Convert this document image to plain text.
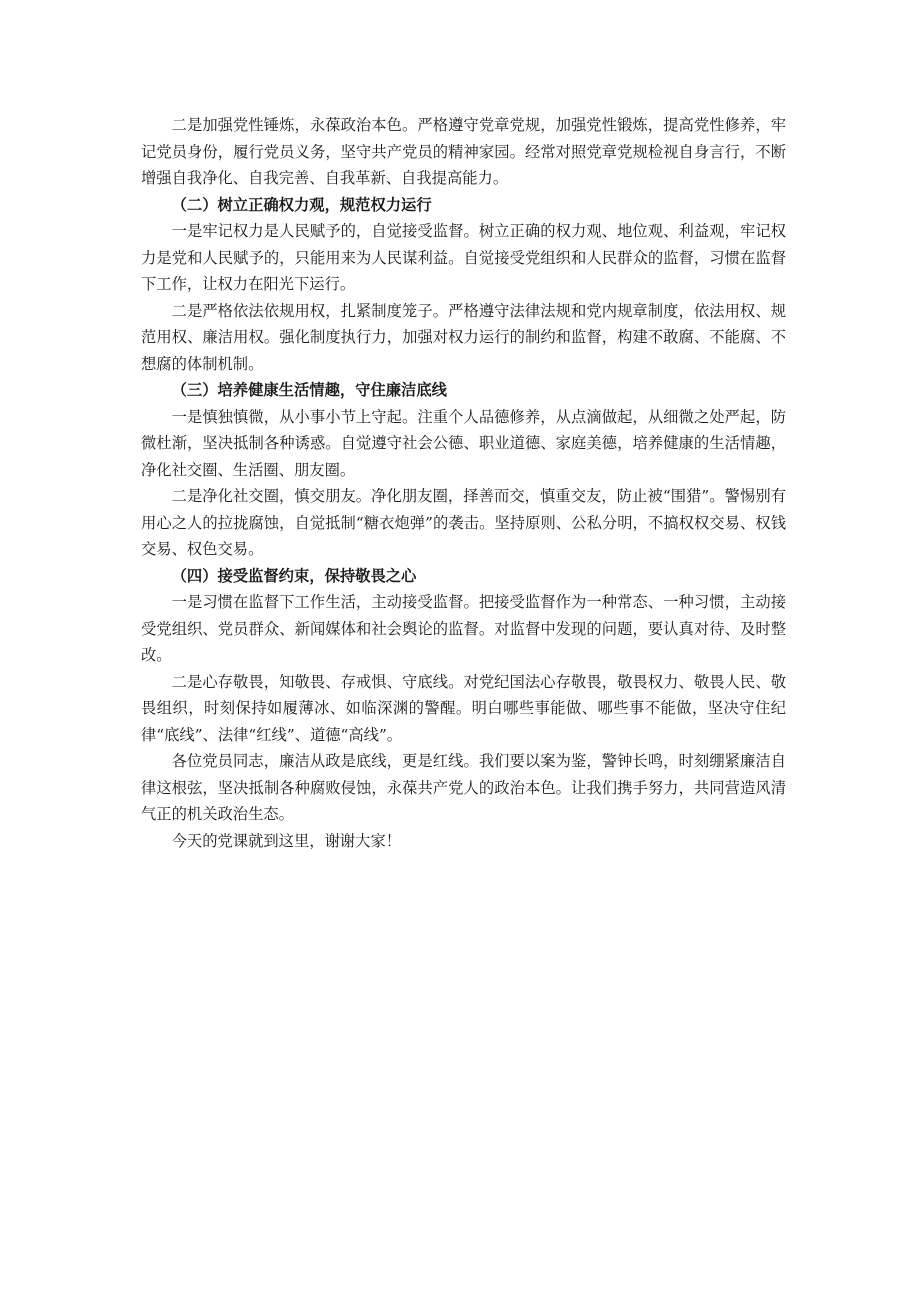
二是加强党性锤炼，永葆政治本色。严格遵守党章党规，加强党性锻炼，提高党性修养，牢记党员身份，履行党员义务，坚守共产党员的精神家园。经常对照党章党规检视自身言行，不断增强自我净化、自我完善、自我革新、自我提高能力。

（二）树立正确权力观，规范权力运行

一是牢记权力是人民赋予的，自觉接受监督。树立正确的权力观、地位观、利益观，牢记权力是党和人民赋予的，只能用来为人民谋利益。自觉接受党组织和人民群众的监督，习惯在监督下工作，让权力在阳光下运行。

二是严格依法依规用权，扎紧制度笼子。严格遵守法律法规和党内规章制度，依法用权、规范用权、廉洁用权。强化制度执行力，加强对权力运行的制约和监督，构建不敢腐、不能腐、不想腐的体制机制。

（三）培养健康生活情趣，守住廉洁底线

一是慎独慎微，从小事小节上守起。注重个人品德修养，从点滴做起，从细微之处严起，防微杜渐，坚决抵制各种诱惑。自觉遵守社会公德、职业道德、家庭美德，培养健康的生活情趣，净化社交圈、生活圈、朋友圈。

二是净化社交圈，慎交朋友。净化朋友圈，择善而交，慎重交友，防止被“围猎”。警惕别有用心之人的拉拢腐蚀，自觉抵制“糖衣炮弹”的袭击。坚持原则、公私分明，不搞权权交易、权钱交易、权色交易。

（四）接受监督约束，保持敬畏之心

一是习惯在监督下工作生活，主动接受监督。把接受监督作为一种常态、一种习惯，主动接受党组织、党员群众、新闻媒体和社会舆论的监督。对监督中发现的问题，要认真对待、及时整改。

二是心存敬畏，知敬畏、存戒惧、守底线。对党纪国法心存敬畏，敬畏权力、敬畏人民、敬畏组织，时刻保持如履薄冰、如临深渊的警醒。明白哪些事能做、哪些事不能做，坚决守住纪律“底线”、法律“红线”、道德“高线”。

各位党员同志，廉洁从政是底线，更是红线。我们要以案为鉴，警钟长鸣，时刻绷紧廉洁自律这根弦，坚决抵制各种腐败侵蚀，永葆共产党人的政治本色。让我们携手努力，共同营造风清气正的机关政治生态。

今天的党课就到这里，谢谢大家！
